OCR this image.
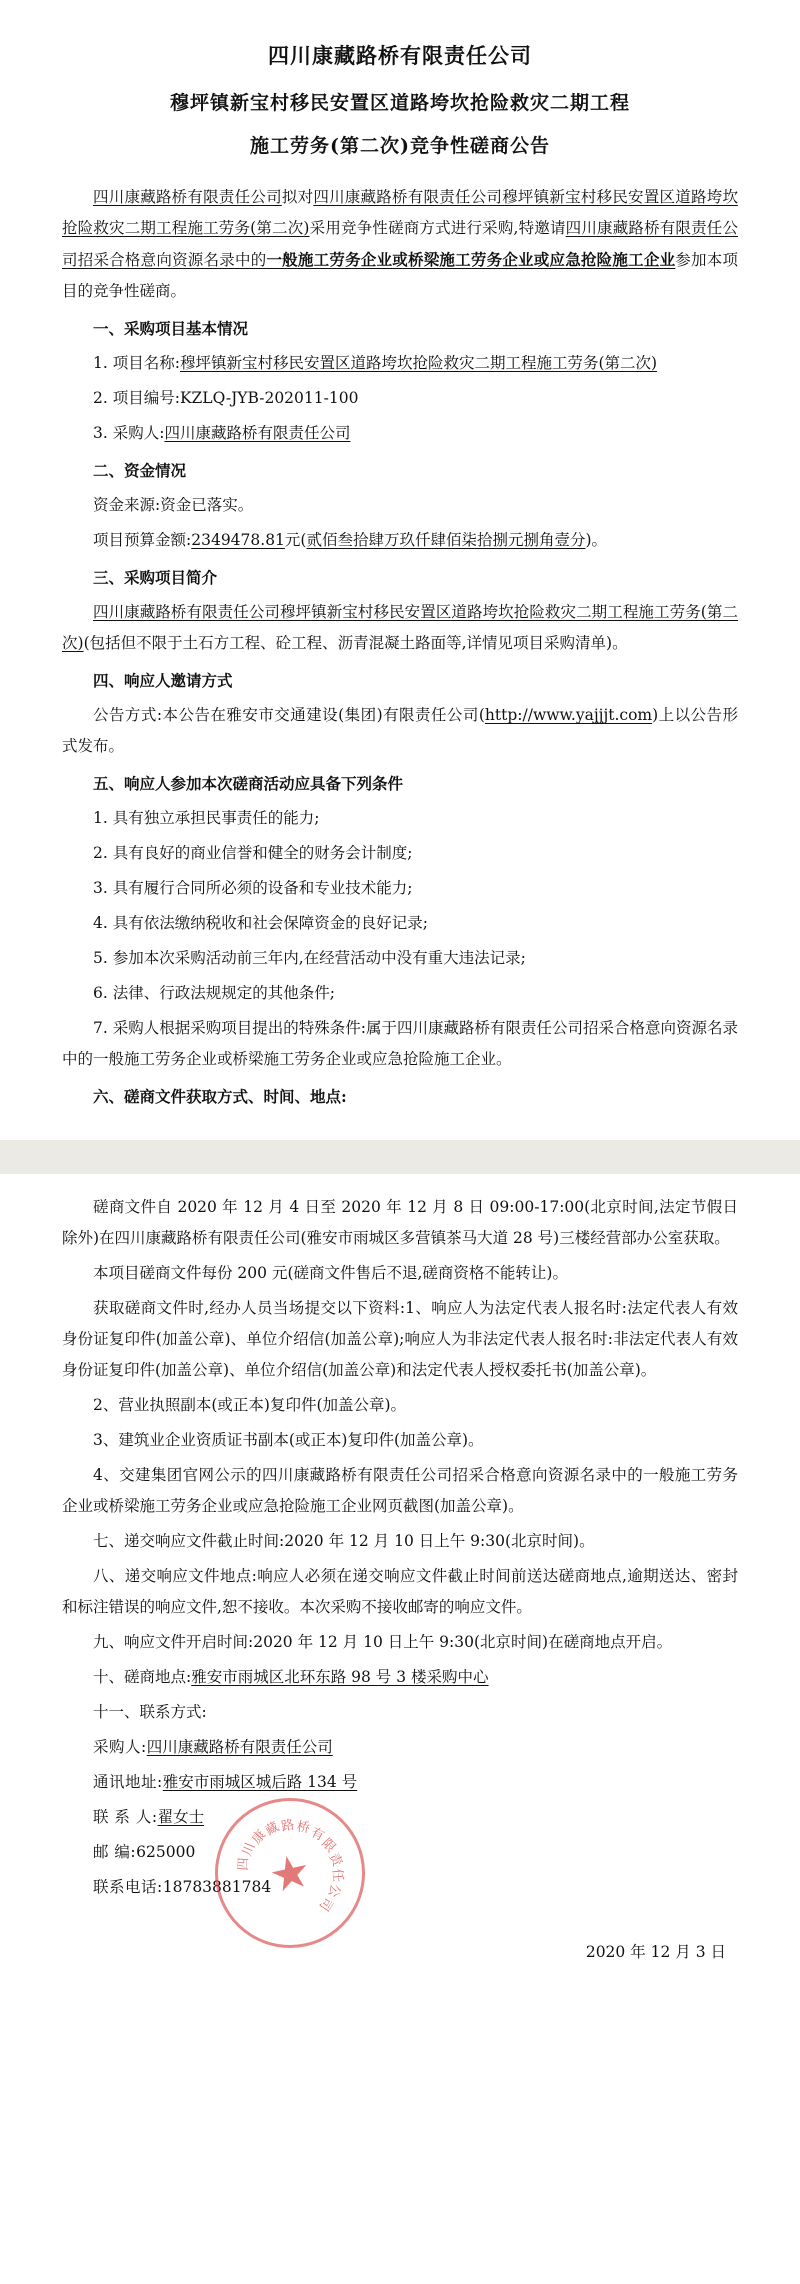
四川康藏路桥有限责任公司
穆坪镇新宝村移民安置区道路垮坎抢险救灾二期工程
施工劳务(第二次)竞争性磋商公告

四川康藏路桥有限责任公司拟对四川康藏路桥有限责任公司穆坪镇新宝村移民安置区道路垮坎抢险救灾二期工程施工劳务(第二次)采用竞争性磋商方式进行采购,特邀请四川康藏路桥有限责任公司招采合格意向资源名录中的一般施工劳务企业或桥梁施工劳务企业或应急抢险施工企业参加本项目的竞争性磋商。

一、采购项目基本情况

1. 项目名称:穆坪镇新宝村移民安置区道路垮坎抢险救灾二期工程施工劳务(第二次)

2. 项目编号:KZLQ-JYB-202011-100

3. 采购人:四川康藏路桥有限责任公司

二、资金情况

资金来源:资金已落实。

项目预算金额:2349478.81元(贰佰叁拾肆万玖仟肆佰柒拾捌元捌角壹分)。

三、采购项目简介

四川康藏路桥有限责任公司穆坪镇新宝村移民安置区道路垮坎抢险救灾二期工程施工劳务(第二次)(包括但不限于土石方工程、砼工程、沥青混凝土路面等,详情见项目采购清单)。

四、响应人邀请方式

公告方式:本公告在雅安市交通建设(集团)有限责任公司(http://www.yajjjt.com)上以公告形式发布。

五、响应人参加本次磋商活动应具备下列条件

1. 具有独立承担民事责任的能力;

2. 具有良好的商业信誉和健全的财务会计制度;

3. 具有履行合同所必须的设备和专业技术能力;

4. 具有依法缴纳税收和社会保障资金的良好记录;

5. 参加本次采购活动前三年内,在经营活动中没有重大违法记录;

6. 法律、行政法规规定的其他条件;

7. 采购人根据采购项目提出的特殊条件:属于四川康藏路桥有限责任公司招采合格意向资源名录中的一般施工劳务企业或桥梁施工劳务企业或应急抢险施工企业。

六、磋商文件获取方式、时间、地点:

磋商文件自 2020 年 12 月 4 日至 2020 年 12 月 8 日 09:00-17:00(北京时间,法定节假日除外)在四川康藏路桥有限责任公司(雅安市雨城区多营镇茶马大道 28 号)三楼经营部办公室获取。

本项目磋商文件每份 200 元(磋商文件售后不退,磋商资格不能转让)。

获取磋商文件时,经办人员当场提交以下资料:1、响应人为法定代表人报名时:法定代表人有效身份证复印件(加盖公章)、单位介绍信(加盖公章);响应人为非法定代表人报名时:非法定代表人有效身份证复印件(加盖公章)、单位介绍信(加盖公章)和法定代表人授权委托书(加盖公章)。

2、营业执照副本(或正本)复印件(加盖公章)。

3、建筑业企业资质证书副本(或正本)复印件(加盖公章)。

4、交建集团官网公示的四川康藏路桥有限责任公司招采合格意向资源名录中的一般施工劳务企业或桥梁施工劳务企业或应急抢险施工企业网页截图(加盖公章)。

七、递交响应文件截止时间:2020 年 12 月 10 日上午 9:30(北京时间)。

八、递交响应文件地点:响应人必须在递交响应文件截止时间前送达磋商地点,逾期送达、密封和标注错误的响应文件,恕不接收。本次采购不接收邮寄的响应文件。

九、响应文件开启时间:2020 年 12 月 10 日上午 9:30(北京时间)在磋商地点开启。

十、磋商地点:雅安市雨城区北环东路 98 号 3 楼采购中心

十一、联系方式:

采购人:四川康藏路桥有限责任公司

通讯地址:雅安市雨城区城后路 134 号

联 系 人:翟女士

邮 编:625000

联系电话:18783881784

2020 年 12 月 3 日

★
四
川
康
藏
路 桥
有
限
责
任
公
司
